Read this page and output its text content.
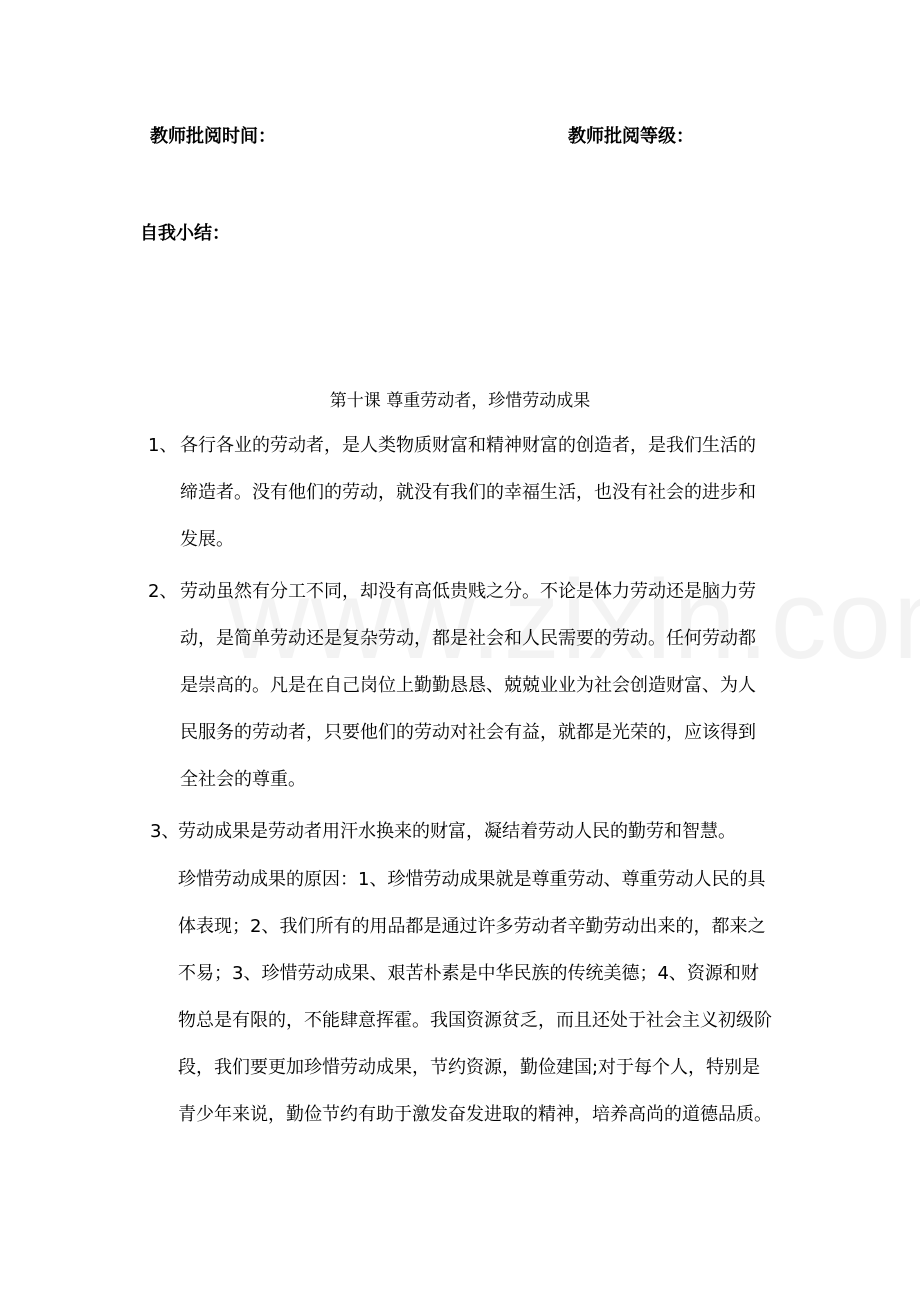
教师批阅时间：	教师批阅等级：
自我小结：
第十课 尊重劳动者，珍惜劳动成果
1、 各行各业的劳动者，是人类物质财富和精神财富的创造者，是我们生活的
缔造者。没有他们的劳动，就没有我们的幸福生活，也没有社会的进步和
发展。
2、 劳动虽然有分工不同，却没有高低贵贱之分。不论是体力劳动还是脑力劳
动，是简单劳动还是复杂劳动，都是社会和人民需要的劳动。任何劳动都
是崇高的。凡是在自己岗位上勤勤恳恳、兢兢业业为社会创造财富、为人
民服务的劳动者，只要他们的劳动对社会有益，就都是光荣的，应该得到
全社会的尊重。
3、
劳动成果是劳动者用汗水换来的财富，凝结着劳动人民的勤劳和智慧。
珍惜劳动成果的原因：1、珍惜劳动成果就是尊重劳动、尊重劳动人民的具
体表现；2、我们所有的用品都是通过许多劳动者辛勤劳动出来的，都来之
不易；3、珍惜劳动成果、艰苦朴素是中华民族的传统美德；4、资源和财
物总是有限的，不能肆意挥霍。我国资源贫乏，而且还处于社会主义初级阶
段，我们要更加珍惜劳动成果，节约资源，勤俭建国;对于每个人，特别是
青少年来说，勤俭节约有助于激发奋发进取的精神，培养高尚的道德品质。
